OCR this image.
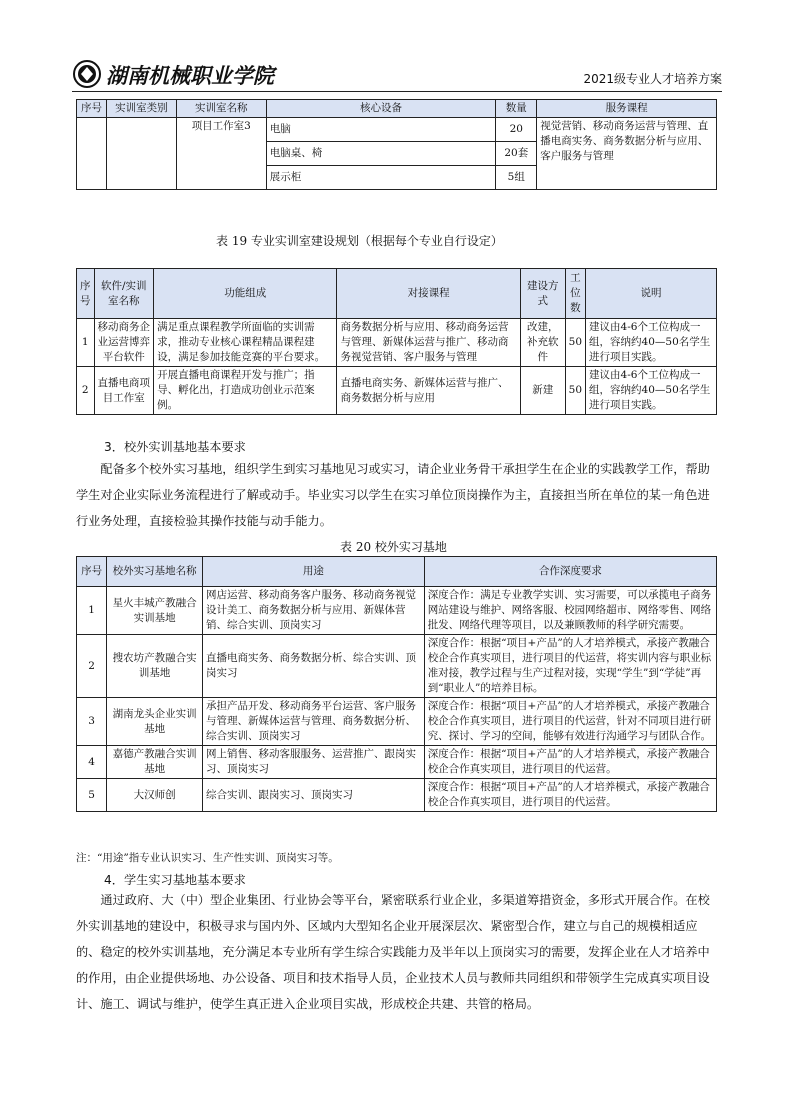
湖南机械职业学院	2021级专业人才培养方案
序号	实训室类别	实训室名称	核心设备	数量	服务课程
		项目工作室3	电脑	20	视觉营销、移动商务运营与管理、直播电商实务、商务数据分析与应用、客户服务与管理
			电脑桌、椅	20套	
			展示柜	5组	
表 19 专业实训室建设规划（根据每个专业自行设定）
序号	软件/实训室名称	功能组成	对接课程	建设方式	工位数	说明
1	移动商务企业运营博弈平台软件	满足重点课程教学所面临的实训需求，推动专业核心课程精品课程建设，满足参加技能竞赛的平台要求。	商务数据分析与应用、移动商务运营与管理、新媒体运营与推广、移动商务视觉营销、客户服务与管理	改建，补充软件	50	建议由4-6个工位构成一组，容纳约40—50名学生进行项目实践。
2	直播电商项目工作室	开展直播电商课程开发与推广；指导、孵化出，打造成功创业示范案例。	直播电商实务、新媒体运营与推广、商务数据分析与应用	新建	50	建议由4-6个工位构成一组，容纳约40—50名学生进行项目实践。
3．校外实训基地基本要求
配备多个校外实习基地，组织学生到实习基地见习或实习，请企业业务骨干承担学生在企业的实践教学工作，帮助学生对企业实际业务流程进行了解或动手。毕业实习以学生在实习单位顶岗操作为主，直接担当所在单位的某一角色进行业务处理，直接检验其操作技能与动手能力。
表 20 校外实习基地
序号	校外实习基地名称	用途	合作深度要求
1	星火丰城产教融合实训基地	网店运营、移动商务客户服务、移动商务视觉设计美工、商务数据分析与应用、新媒体营销、综合实训、顶岗实习	深度合作：满足专业教学实训、实习需要，可以承揽电子商务网站建设与维护、网络客服、校园网络超市、网络零售、网络批发、网络代理等项目，以及兼顾教师的科学研究需要。
2	搜农坊产教融合实训基地	直播电商实务、商务数据分析、综合实训、顶岗实习	深度合作：根据“项目+产品”的人才培养模式，承接产教融合校企合作真实项目，进行项目的代运营，将实训内容与职业标准对接，教学过程与生产过程对接，实现“学生”到“学徒”再到“职业人”的培养目标。
3	湖南龙头企业实训基地	承担产品开发、移动商务平台运营、客户服务与管理、新媒体运营与管理、商务数据分析、综合实训、顶岗实习	深度合作：根据“项目+产品”的人才培养模式，承接产教融合校企合作真实项目，进行项目的代运营，针对不同项目进行研究、探讨、学习的空间，能够有效进行沟通学习与团队合作。
4	嘉德产教融合实训基地	网上销售、移动客服服务、运营推广、跟岗实习、顶岗实习	深度合作：根据“项目+产品”的人才培养模式，承接产教融合校企合作真实项目，进行项目的代运营。
5	大汉师创	综合实训、跟岗实习、顶岗实习	深度合作：根据“项目+产品”的人才培养模式，承接产教融合校企合作真实项目，进行项目的代运营。
注：“用途”指专业认识实习、生产性实训、顶岗实习等。
4．学生实习基地基本要求
通过政府、大（中）型企业集团、行业协会等平台，紧密联系行业企业，多渠道筹措资金，多形式开展合作。在校外实训基地的建设中，积极寻求与国内外、区域内大型知名企业开展深层次、紧密型合作，建立与自己的规模相适应的、稳定的校外实训基地，充分满足本专业所有学生综合实践能力及半年以上顶岗实习的需要，发挥企业在人才培养中的作用，由企业提供场地、办公设备、项目和技术指导人员，企业技术人员与教师共同组织和带领学生完成真实项目设计、施工、调试与维护，使学生真正进入企业项目实战，形成校企共建、共管的格局。
